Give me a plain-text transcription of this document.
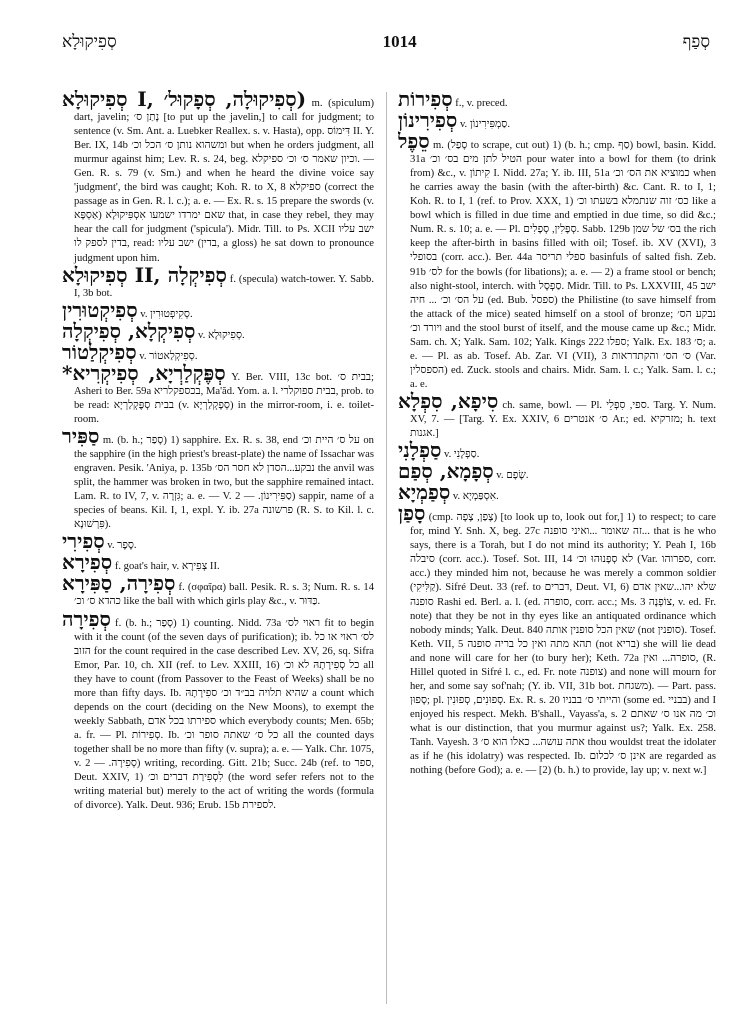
סְפִיקוּלָא	1014	סְפַף

סְפִיקוּלָא I, סְפִיקוּלָה, סְפָקוּל׳) m. (spiculum) dart, javelin; נָתַן ס׳ [to put up the javelin,] to call for judgment; to sentence (v. Sm. Ant. a. Luebker Reallex. s. v. Hasta), opp. דִּימוֹס II. Y. Ber. IX, 14b ומשהוא נותן ס׳ הכל וכ׳ but when he orders judgment, all murmur against him; Lev. R. s. 24, beg. וכיון שאמר ס׳ וכ׳ ספיקלא. — Gen. R. s. 79 (v. Sm.) and when he heard the divine voice say 'judgment', the bird was caught; Koh. R. to X, 8 ספיקלא (correct the passage as in Gen. R. l. c.); a. e. — Ex. R. s. 15 prepare the swords (v. אַסְפָּא) שאם ימרדו ישמעו אִסְפִּיקוּלָא that, in case they rebel, they may hear the call for judgment ('spicula'). Midr. Till. to Ps. XCII ישב עליו בדין לספק לו, read: ישב עליו (בדין, a gloss) he sat down to pronounce judgment upon him.

סְפִיקוּלָא II, סְפִיקְלָה f. (specula) watch-tower. Y. Sabb. I, 3b bot.

סְפִיקְטוּרִין v. סְקִיפְטוּרִין.

סְפִיקְלָא, סְפִיקְלָה v. סְפִיקוּלָא.

סְפִיקְלַטוֹר v. סְפִיקְלַאטוֹר.

*סְפֶּקְלַרְיָא, סְפִיקְרִיא Y. Ber. VIII, 13c bot. בבית ס׳; Asheri to Ber. 59a בכספקלריא, Ma'ăd. Yom. a. l. בבית ספוקלרי, prob. to be read: בבית סְפֶּקְלַרְיָא (v. סְפָקְלַרְיָא) in the mirror-room, i. e. toilet-room.

סַפִּיר m. (b. h.; סָפַר) 1) sapphire. Ex. R. s. 38, end על ס׳ היית וכ׳ on the sapphire (in the high priest's breast-plate) the name of Issachar was engraven. Pesik. 'Aniya, p. 135b נבקע...הסדן לא חסר הס׳ the anvil was split, the hammer was broken in two, but the sapphire remained intact. Lam. R. to IV, 7, v. גִּזְרָה; a. e. — V. סַפִּירִינוֹן. — 2) sappir, name of a species of beans. Kil. I, 1, expl. Y. ib. 27a פרשונה (R. S. to Kil. l. c. פִּרְשׁוּנָא).

סְפִירִי v. סֶפֶר.

סְפִירָא f. goat's hair, v. צְפִירָא II.

סְפִירָה, סַפִּירָא f. (σφαῖρα) ball. Pesik. R. s. 3; Num. R. s. 14 כהדא ס׳ וכ׳ like the ball with which girls play &c., v. כַּדּוּר.

סְפִירָה f. (b. h.; סָפַר) 1) counting. Nidd. 73a ראוי לס׳ fit to begin with it the count (of the seven days of purification); ib. לס׳ ראוי או כל הזוב for the count required in the case described Lev. XV, 26, sq. Sifra Emor, Par. 10, ch. XII (ref. to Lev. XXIII, 16) כל סְפִירָתָהּ לא וכ׳ all they have to count (from Passover to the Feast of Weeks) shall be no more than fifty days. Ib. שהיא תלויה בב״ד וכ׳ ספִירָתָהּ a count which depends on the court (deciding on the New Moons), to exempt the weekly Sabbath, ספירתו בכל אדם which everybody counts; Men. 65b; a. fr. — Pl. סְפִירוֹת. Ib. כל ס׳ שאתה סופר וכ׳ all the counted days together shall be no more than fifty (v. supra); a. e. — Yalk. Chr. 1075, v. סְפִירָה. — 2) writing, recording. Gitt. 21b; Succ. 24b (ref. to ספר, Deut. XXIV, 1) לִסְפִירַת דברים וכ׳ (the word sefer refers not to the writing material but) merely to the act of writing the words (formula of divorce). Yalk. Deut. 936; Erub. 15b לספירת.

סְפִירוֹת f., v. preced.

סְפִירִינוֹן v. סַמְפִּירִינוֹן.

סֵפֶל m. (סָפַל to scrape, cut out) 1) (b. h.; cmp. סַף) bowl, basin. Kidd. 31a הטיל לתן מים בס׳ וכ׳ pour water into a bowl for them (to drink from) &c., v. קִיתוֹן I. Nidd. 27a; Y. ib. III, 51a כמוציא את הס׳ וכ׳ when he carries away the basin (with the after-birth) &c. Cant. R. to I, 1; Koh. R. to I, 1 (ref. to Prov. XXX, 1) כס׳ זוה שנתמלא בשעתו וכ׳ like a bowl which is filled in due time and emptied in due time, so did &c.; Num. R. s. 10; a. e. — Pl. סְפָלִין, סְפָלִים. Sabb. 129b בס׳ של שמן the rich keep the after-birth in basins filled with oil; Tosef. ib. XV (XVI), 3 בסופלי (corr. acc.). Ber. 44a ספלי תריסר basinfuls of salted fish. Zeb. 91b לס׳ for the bowls (for libations); a. e. — 2) a frame stool or bench; also night-stool, interch. with סַפְסָל. Midr. Till. to Ps. LXXVIII, 45 ישב על הס׳ וכ׳ ... חיה (ed. Bub. ספסל) the Philistine (to save himself from the attack of the mice) seated himself on a stool of bronze; נבקע הס׳ ויורד וכ׳ and the stool burst of itself, and the mouse came up &c.; Midr. Sam. ch. X; Yalk. Sam. 102; Yalk. Kings 222 ספלו; Yalk. Ex. 183 ס׳; a. e. — Pl. as ab. Tosef. Ab. Zar. VI (VII), 3 ס׳ הס׳ והקתדראות (Var. הספסלין) ed. Zuck. stools and chairs. Midr. Sam. l. c.; Yalk. Sam. l. c.; a. e.

סִיפָא, סִפְלָא ch. same, bowl. — Pl. ספי, סִפְלֵי. Targ. Y. Num. XV, 7. — [Targ. Y. Ex. XXIV, 6 ס׳ אנטרים Ar.; ed. מזרקיא; h. text אגנות.]

סַפְלָנִי v. סַפְלָנִי.

סְפָמָא, סְפַם v. שָׂפָם.

סְפַמְיָא v. אִסְפַּמְיָא.

סָפַן (cmp. צָפַן, צָפָה) [to look up to, look out for,] 1) to respect; to care for, mind Y. Snh. X, beg. 27c זה שאומר ...ואיני סופנה... that is he who says, there is a Torah, but I do not mind its authority; Y. Peah I, 16b סיבלה (corr. acc.). Tosef. Sot. III, 14 לא סְפָנוּהוּ וכ׳ (Var. ספרוהו, corr. acc.) they minded him not, because he was merely a common soldier (קַלִּיקִי). Sifré Deut. 33 (ref. to דברים, Deut. VI, 6) שלא יהו...שאין אדם סופנה Rashi ed. Berl. a. l. (ed. סופרה, corr. acc.; Ms. 3 צוֹפְנָה, v. ed. Fr. note) that they be not in thy eyes like an antiquated ordinance which nobody minds; Yalk. Deut. 840 שאין הכל סופנין אותה (not סופנין). Tosef. Keth. VII, 5 תהא מתה ואין כל בריה סופנה (not בריא) she will lie dead and none will care for her (to bury her); Keth. 72a סופרה... ואין, (R. Hillel quoted in Sifré l. c., ed. Fr. note צופנה) and none will mourn for her, and some say sof'nah; (Y. ib. VII, 31b bot. משגחת). — Part. pass. סָפוּן; pl. סְפוּנִים, סְפוּנִין. Ex. R. s. 20 והייתי ס׳ בבניו (some ed. בבניי) and I enjoyed his respect. Mekh. B'shall., Vayass'a, s. 2 וכ׳ מה אנו ס׳ שאתם what is our distinction, that you murmur against us?; Yalk. Ex. 258. Tanh. Vayesh. 3 אתה עושה... כאלו הוא ס׳ thou wouldst treat the idolater as if he (his idolatry) was respected. Ib. אינן ס׳ לכלום are regarded as nothing (before God); a. e. — [2) (b. h.) to provide, lay up; v. next w.]
